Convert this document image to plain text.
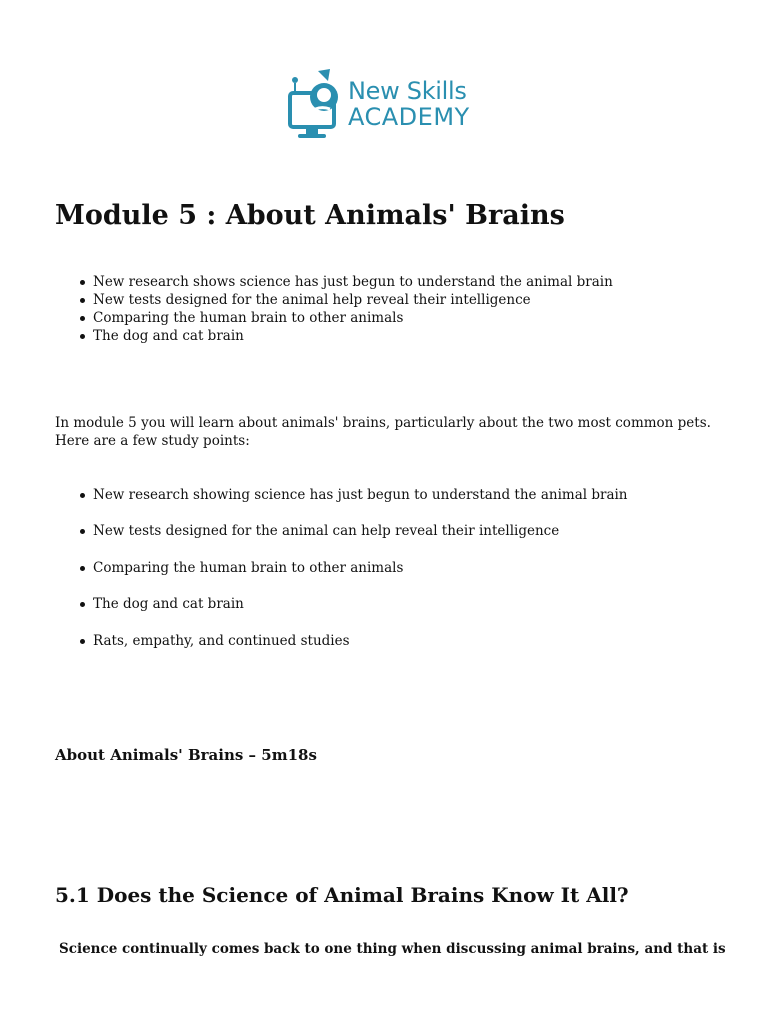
New Skills
ACADEMY
Module 5 : About Animals' Brains
New research shows science has just begun to understand the animal brain
New tests designed for the animal help reveal their intelligence
Comparing the human brain to other animals
The dog and cat brain

In module 5 you will learn about animals' brains, particularly about the two most common pets. Here are a few study points:

New research showing science has just begun to understand the animal brain
New tests designed for the animal can help reveal their intelligence
Comparing the human brain to other animals
The dog and cat brain
Rats, empathy, and continued studies

About Animals' Brains – 5m18s

5.1 Does the Science of Animal Brains Know It All?

Science continually comes back to one thing when discussing animal brains, and that is
